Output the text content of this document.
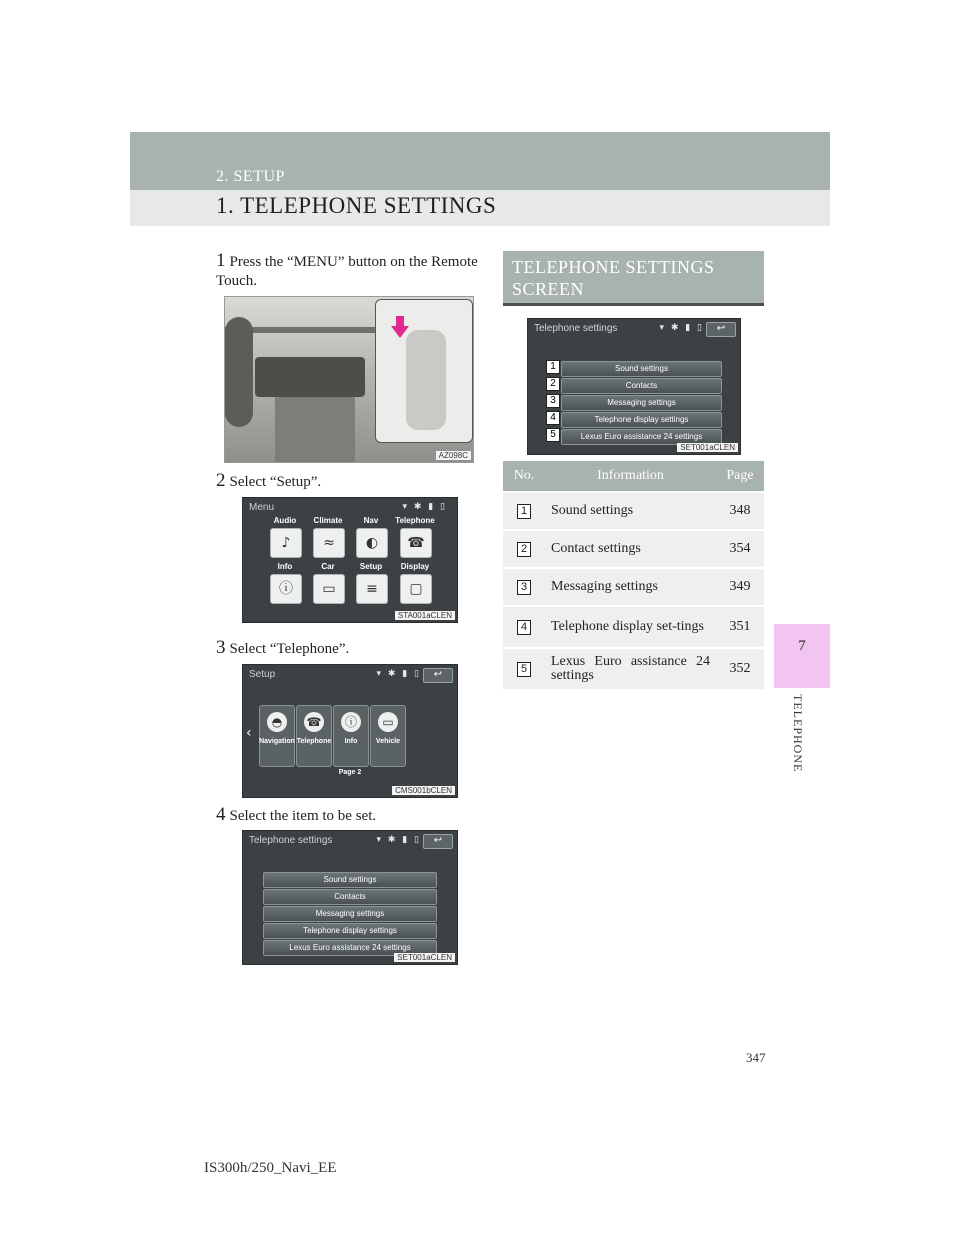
2. SETUP
1. TELEPHONE SETTINGS
7
TELEPHONE
1 Press the “MENU” button on the Remote Touch.
AZ098C
2 Select “Setup”.
Menu	▾ ✱ ▮ ▯
Audio	Climate	Nav	Telephone
♪	≈	◐	☎
Info	Car	Setup	Display
ⓘ	▭	≡	▢
STA001aCLEN
3 Select “Telephone”.
Setup	▾ ✱ ▮ ▯	↩
‹
◓
Navigation
☎
Telephone
ⓘ
Info
▭
Vehicle
Page 2
CMS001bCLEN
4 Select the item to be set.
Telephone settings	▾ ✱ ▮ ▯	↩
Sound settings
Contacts
Messaging settings
Telephone display settings
Lexus Euro assistance 24 settings
SET001aCLEN
TELEPHONE SETTINGS
SCREEN
Telephone settings	▾ ✱ ▮ ▯	↩
Sound settings
Contacts
Messaging settings
Telephone display settings
Lexus Euro assistance 24 settings
SET001aCLEN
1
2
3
4
5
No.	Information	Page
1	Sound settings	348
2	Contact settings	354
3	Messaging settings	349
4	Telephone display set-tings	351
5	Lexus Euro assistance 24 settings	352
347
IS300h/250_Navi_EE
